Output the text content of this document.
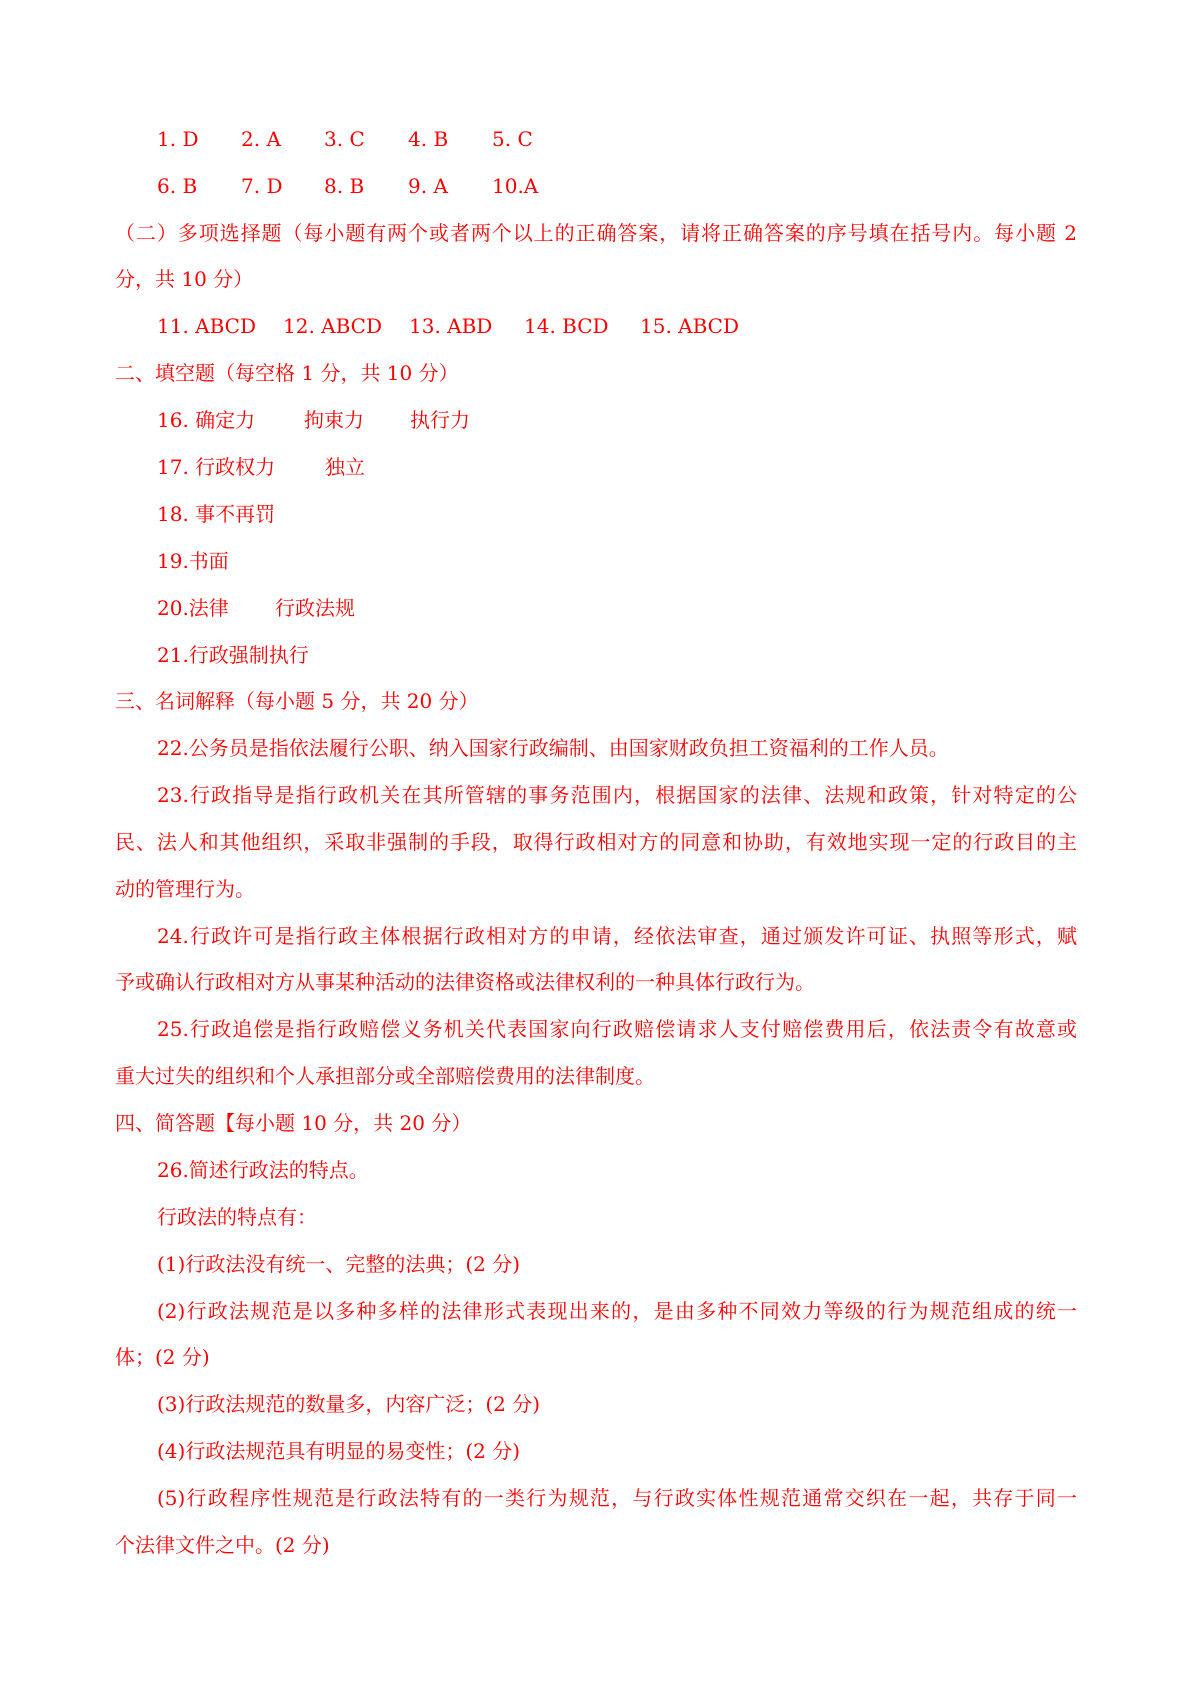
1. D 2. A 3. C 4. B 5. C
6. B 7. D 8. B 9. A 10.A
（二）多项选择题（每小题有两个或者两个以上的正确答案，请将正确答案的序号填在括号内。每小题 2
分，共 10 分）
11. ABCD 12. ABCD 13. ABD 14. BCD 15. ABCD
二、填空题（每空格 1 分，共 10 分）
16. 确定力 拘束力 执行力
17. 行政权力 独立
18. 事不再罚
19.书面
20.法律 行政法规
21.行政强制执行
三、名词解释（每小题 5 分，共 20 分）
22.公务员是指依法履行公职、纳入国家行政编制、由国家财政负担工资福利的工作人员。
23.行政指导是指行政机关在其所管辖的事务范围内，根据国家的法律、法规和政策，针对特定的公
民、法人和其他组织，采取非强制的手段，取得行政相对方的同意和协助，有效地实现一定的行政目的主
动的管理行为。
24.行政许可是指行政主体根据行政相对方的申请，经依法审查，通过颁发许可证、执照等形式，赋
予或确认行政相对方从事某种活动的法律资格或法律权利的一种具体行政行为。
25.行政追偿是指行政赔偿义务机关代表国家向行政赔偿请求人支付赔偿费用后，依法责令有故意或
重大过失的组织和个人承担部分或全部赔偿费用的法律制度。
四、简答题【每小题 10 分，共 20 分）
26.简述行政法的特点。
行政法的特点有：
(1)行政法没有统一、完整的法典；(2 分)
(2)行政法规范是以多种多样的法律形式表现出来的，是由多种不同效力等级的行为规范组成的统一
体；(2 分)
(3)行政法规范的数量多，内容广泛；(2 分)
(4)行政法规范具有明显的易变性；(2 分)
(5)行政程序性规范是行政法特有的一类行为规范，与行政实体性规范通常交织在一起，共存于同一
个法律文件之中。(2 分)
